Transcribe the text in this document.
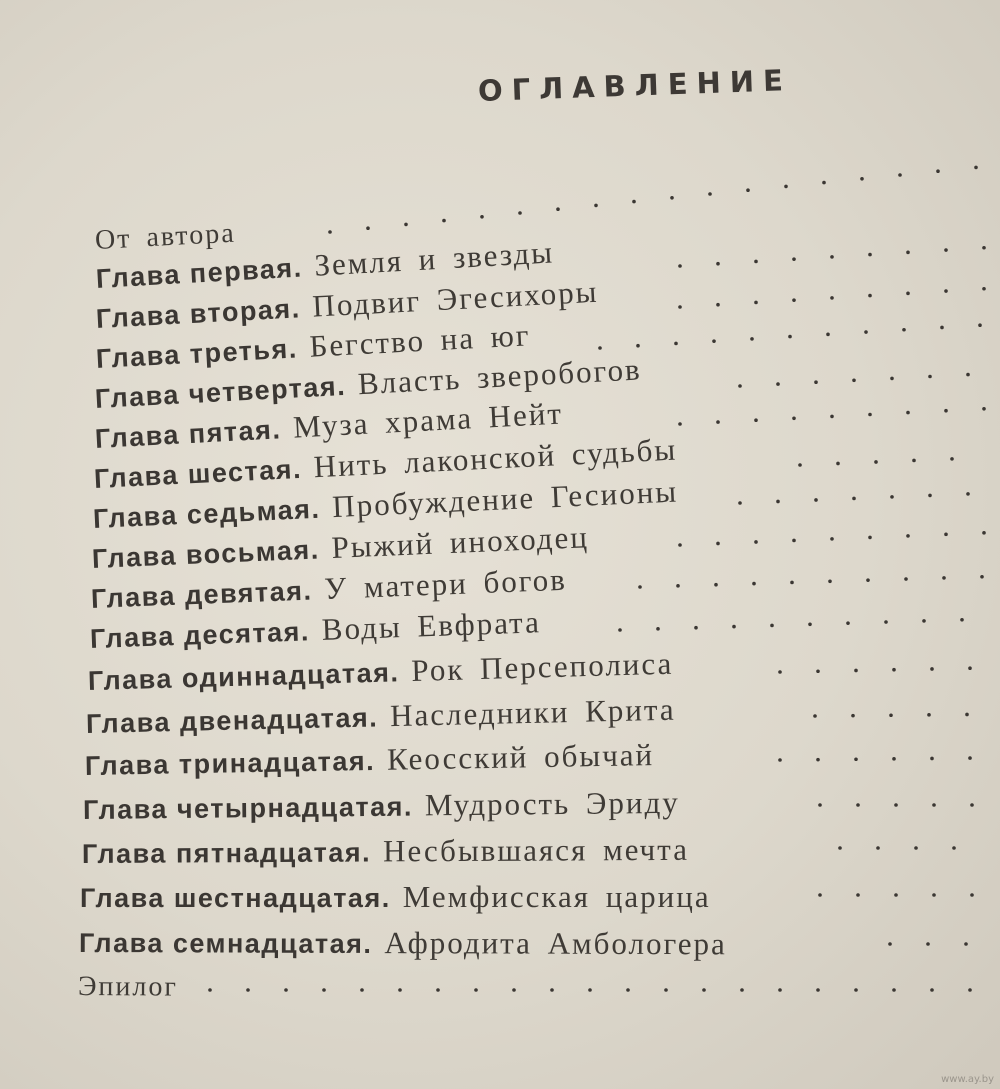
ОГЛАВЛЕНИЕ
От автора
Глава первая. Земля и звезды
Глава вторая. Подвиг Эгесихоры
Глава третья. Бегство на юг
Глава четвертая. Власть зверобогов
Глава пятая. Муза храма Нейт
Глава шестая. Нить лаконской судьбы
Глава седьмая. Пробуждение Гесионы
Глава восьмая. Рыжий иноходец
Глава девятая. У матери богов
Глава десятая. Воды Евфрата
Глава одиннадцатая. Рок Персеполиса
Глава двенадцатая. Наследники Крита
Глава тринадцатая. Кеосский обычай
Глава четырнадцатая. Мудрость Эриду
Глава пятнадцатая. Несбывшаяся мечта
Глава шестнадцатая. Мемфисская царица
Глава семнадцатая. Афродита Амбологера
Эпилог
www.ay.by
